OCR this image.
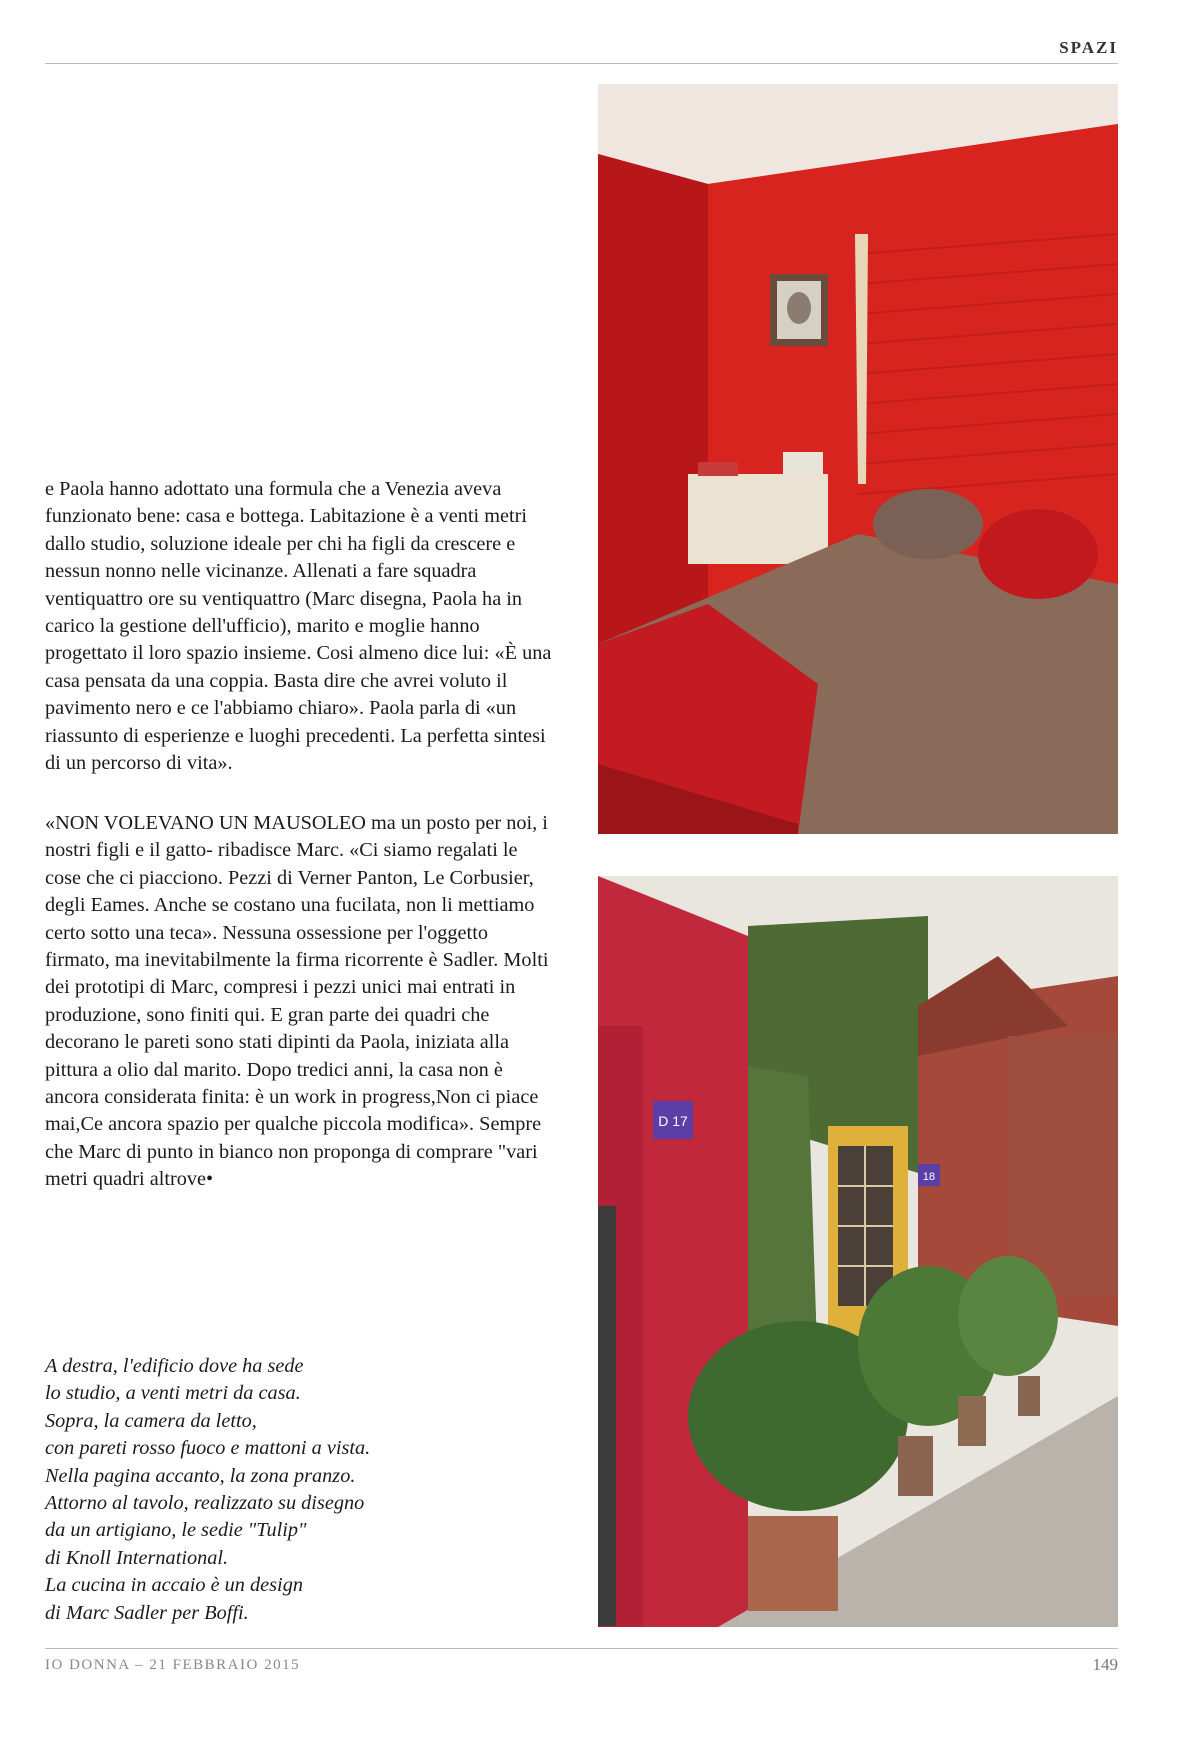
SPAZI
D 17
18

e Paola hanno adottato una formula che a Venezia aveva funzionato bene: casa e bottega. Labitazione è a venti metri dallo studio, soluzione ideale per chi ha figli da crescere e nessun nonno nelle vicinanze. Allenati a fare squadra ventiquattro ore su ventiquattro (Marc disegna, Paola ha in carico la gestione dell'ufficio), marito e moglie hanno progettato il loro spazio insieme. Cosi almeno dice lui: «È una casa pensata da una coppia. Basta dire che avrei voluto il pavimento nero e ce l'abbiamo chiaro». Paola parla di «un riassunto di esperienze e luoghi precedenti. La perfetta sintesi di un percorso di vita».

«NON VOLEVANO UN MAUSOLEO ma un posto per noi, i nostri figli e il gatto- ribadisce Marc. «Ci siamo regalati le cose che ci piacciono. Pezzi di Verner Panton, Le Corbusier, degli Eames. Anche se costano una fucilata, non li mettiamo certo sotto una teca». Nessuna ossessione per l'oggetto firmato, ma inevitabilmente la firma ricorrente è Sadler. Molti dei prototipi di Marc, compresi i pezzi unici mai entrati in produzione, sono finiti qui. E gran parte dei quadri che decorano le pareti sono stati dipinti da Paola, iniziata alla pittura a olio dal marito. Dopo tredici anni, la casa non è ancora considerata finita: è un work in progress,Non ci piace mai,Ce ancora spazio per qualche piccola modifica». Sempre che Marc di punto in bianco non proponga di comprare "vari metri quadri altrove•

A destra, l'edificio dove ha sede
lo studio, a venti metri da casa.
Sopra, la camera da letto,
con pareti rosso fuoco e mattoni a vista.
Nella pagina accanto, la zona pranzo.
Attorno al tavolo, realizzato su disegno
da un artigiano, le sedie "Tulip"
di Knoll International.
La cucina in accaio è un design
di Marc Sadler per Boffi.
IO DONNA – 21 FEBBRAIO 2015	149
